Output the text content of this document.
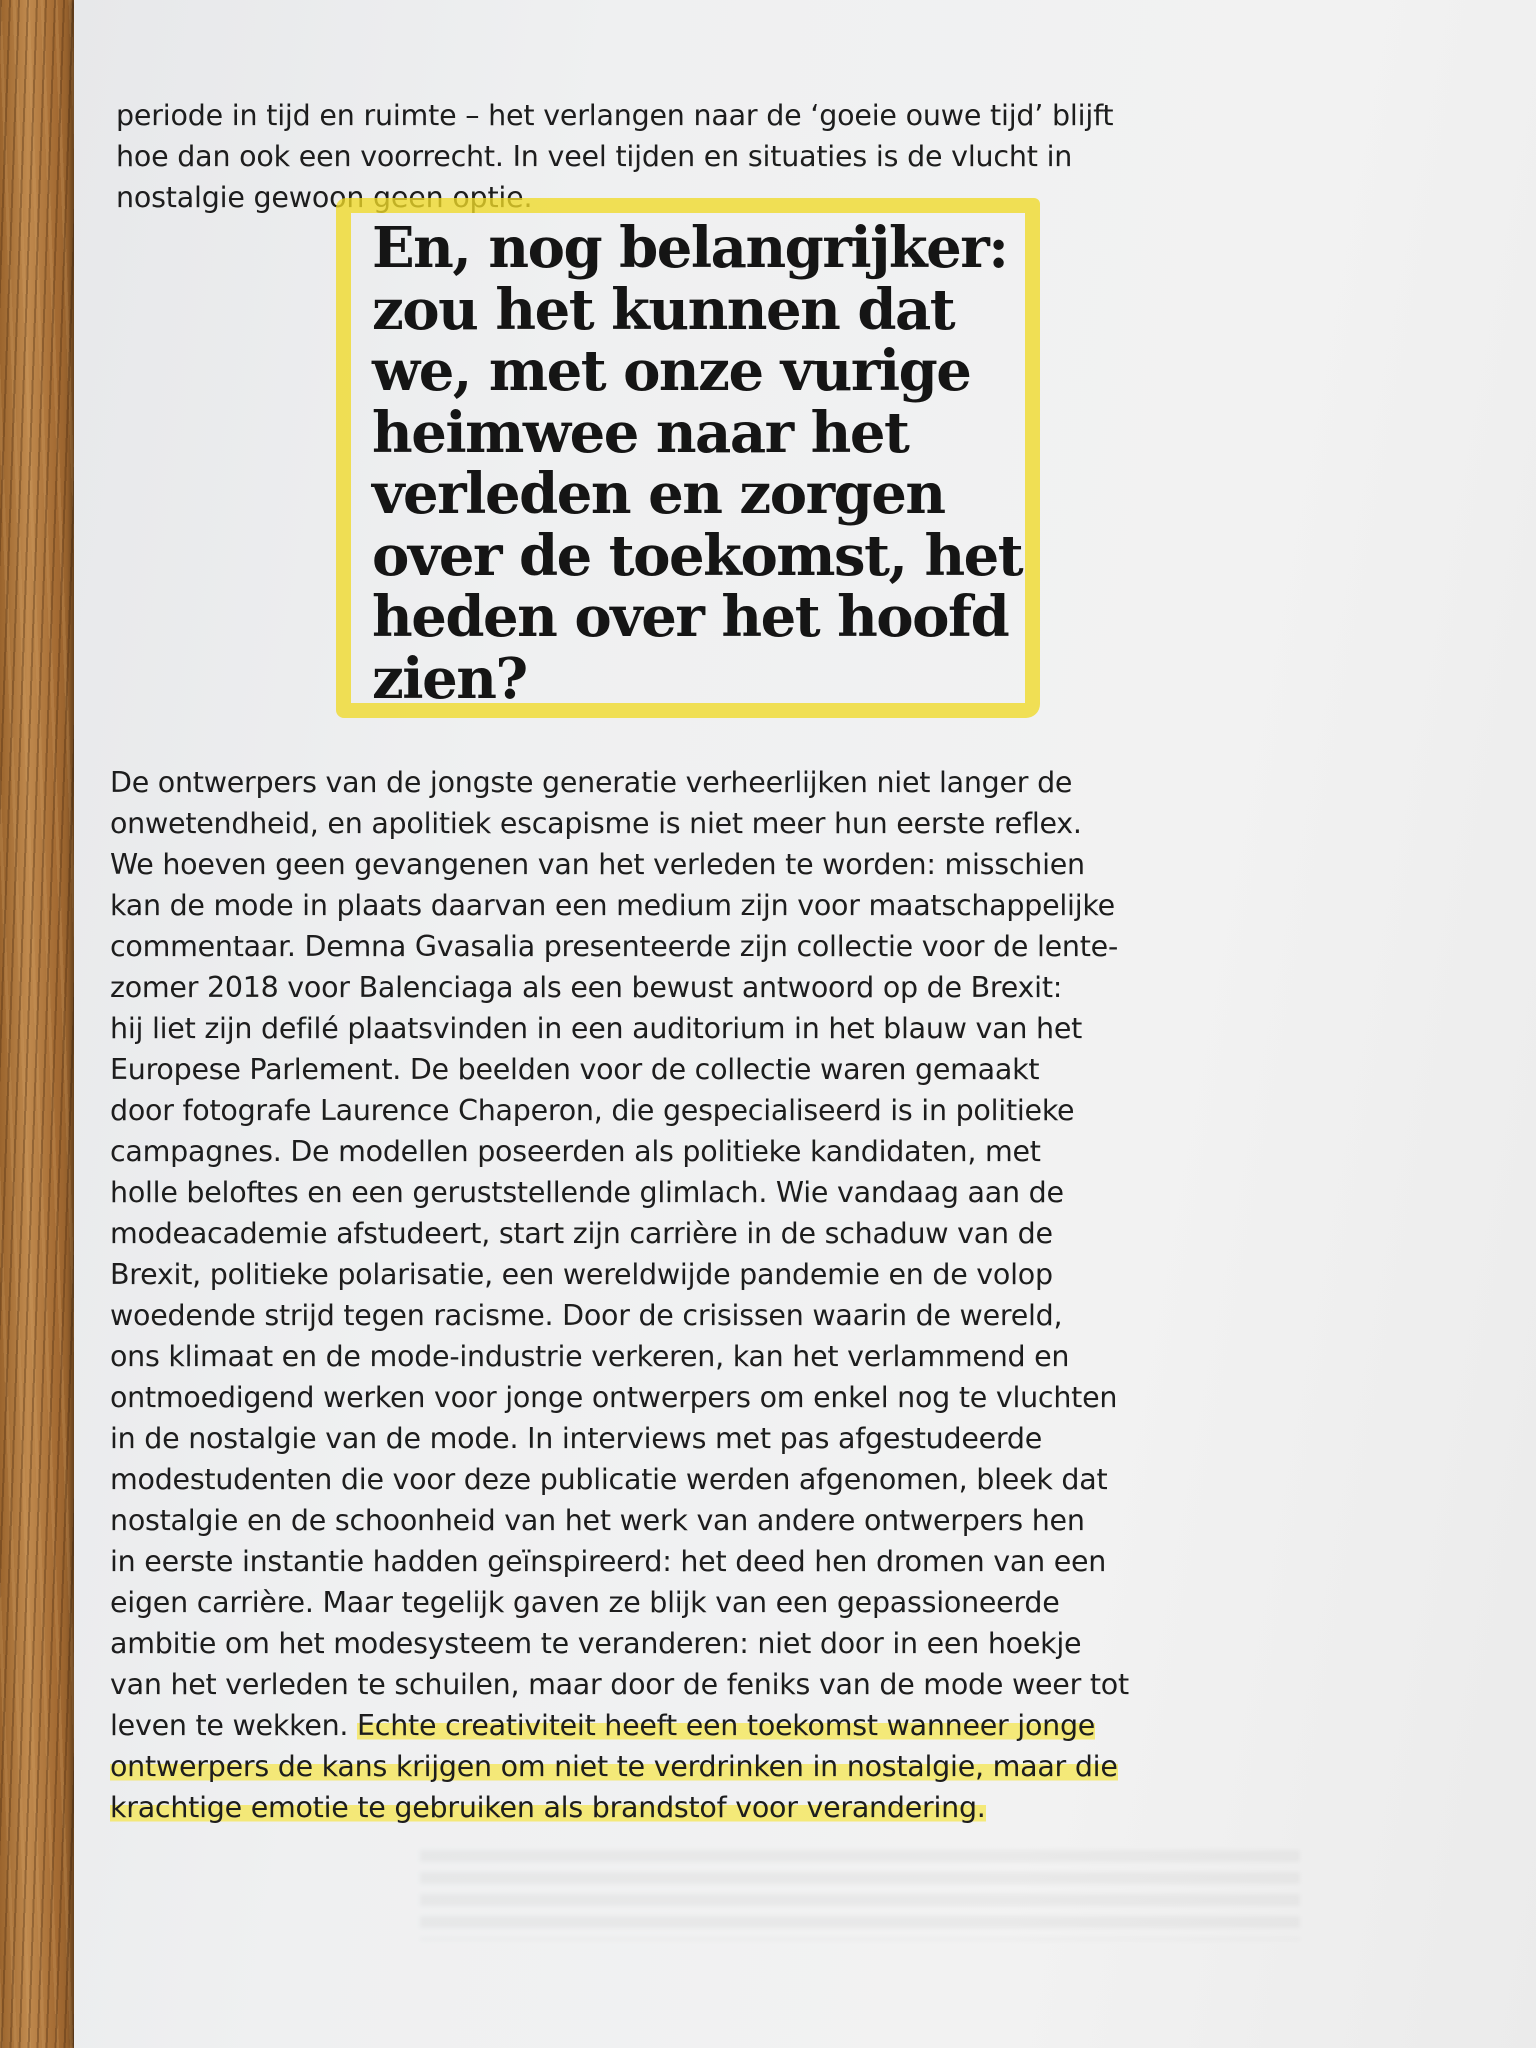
periode in tijd en ruimte – het verlangen naar de ‘goeie ouwe tijd’ blijft
hoe dan ook een voorrecht. In veel tijden en situaties is de vlucht in
nostalgie gewoon geen optie.

En, nog belangrijker:
zou het kunnen dat
we, met onze vurige
heimwee naar het
verleden en zorgen
over de toekomst, het
heden over het hoofd
zien?

De ontwerpers van de jongste generatie verheerlijken niet langer de
onwetendheid, en apolitiek escapisme is niet meer hun eerste reflex.
We hoeven geen gevangenen van het verleden te worden: misschien
kan de mode in plaats daarvan een medium zijn voor maatschappelijke
commentaar. Demna Gvasalia presenteerde zijn collectie voor de lente-
zomer 2018 voor Balenciaga als een bewust antwoord op de Brexit:
hij liet zijn defilé plaatsvinden in een auditorium in het blauw van het
Europese Parlement. De beelden voor de collectie waren gemaakt
door fotografe Laurence Chaperon, die gespecialiseerd is in politieke
campagnes. De modellen poseerden als politieke kandidaten, met
holle beloftes en een geruststellende glimlach. Wie vandaag aan de
modeacademie afstudeert, start zijn carrière in de schaduw van de
Brexit, politieke polarisatie, een wereldwijde pandemie en de volop
woedende strijd tegen racisme. Door de crisissen waarin de wereld,
ons klimaat en de mode-industrie verkeren, kan het verlammend en
ontmoedigend werken voor jonge ontwerpers om enkel nog te vluchten
in de nostalgie van de mode. In interviews met pas afgestudeerde
modestudenten die voor deze publicatie werden afgenomen, bleek dat
nostalgie en de schoonheid van het werk van andere ontwerpers hen
in eerste instantie hadden geïnspireerd: het deed hen dromen van een
eigen carrière. Maar tegelijk gaven ze blijk van een gepassioneerde
ambitie om het modesysteem te veranderen: niet door in een hoekje
van het verleden te schuilen, maar door de feniks van de mode weer tot
leven te wekken. Echte creativiteit heeft een toekomst wanneer jonge
ontwerpers de kans krijgen om niet te verdrinken in nostalgie, maar die
krachtige emotie te gebruiken als brandstof voor verandering.
